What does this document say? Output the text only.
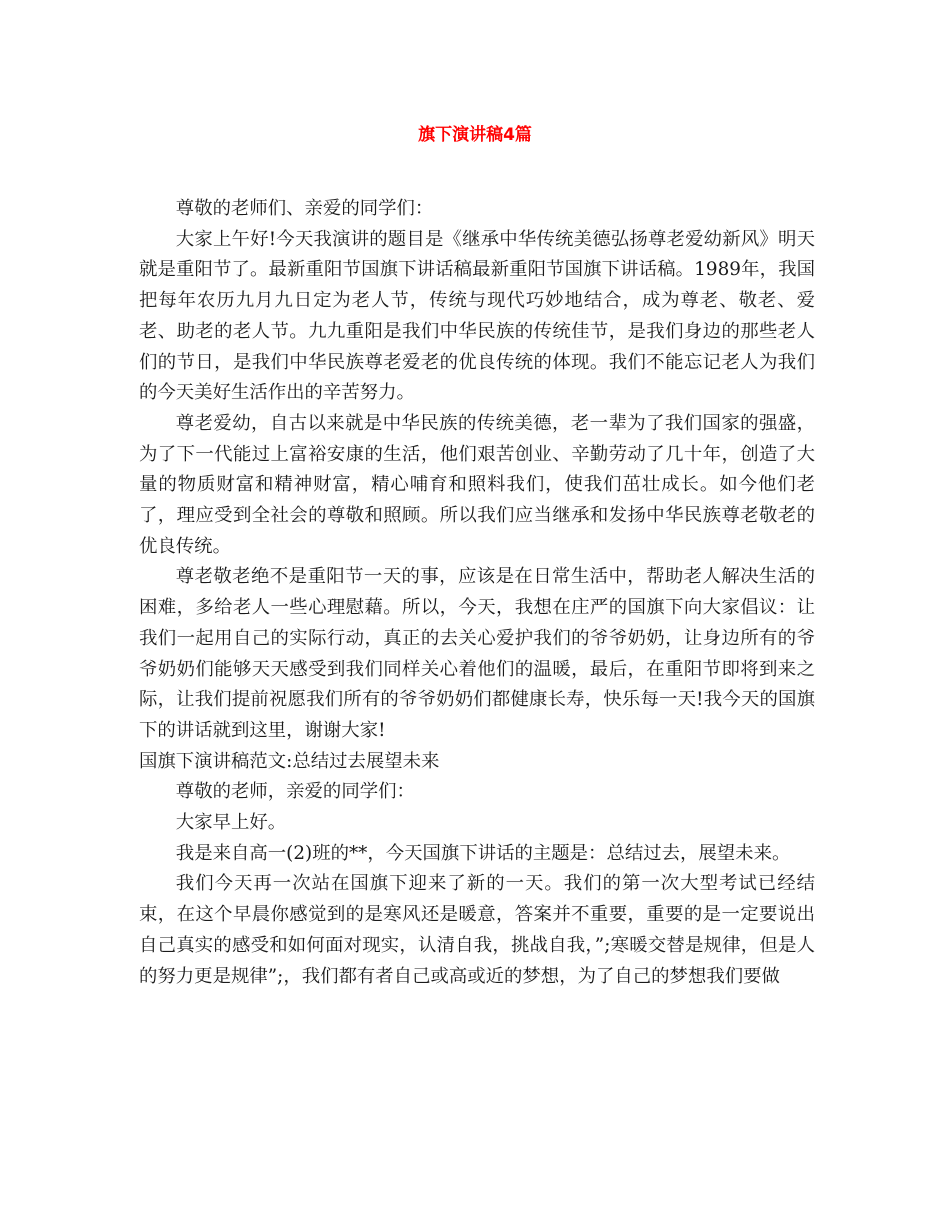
旗下演讲稿4篇

尊敬的老师们、亲爱的同学们：

大家上午好!今天我演讲的题目是《继承中华传统美德弘扬尊老爱幼新风》明天就是重阳节了。最新重阳节国旗下讲话稿最新重阳节国旗下讲话稿。1989年，我国把每年农历九月九日定为老人节，传统与现代巧妙地结合，成为尊老、敬老、爱老、助老的老人节。九九重阳是我们中华民族的传统佳节，是我们身边的那些老人们的节日，是我们中华民族尊老爱老的优良传统的体现。我们不能忘记老人为我们的今天美好生活作出的辛苦努力。

尊老爱幼，自古以来就是中华民族的传统美德，老一辈为了我们国家的强盛，为了下一代能过上富裕安康的生活，他们艰苦创业、辛勤劳动了几十年，创造了大量的物质财富和精神财富，精心哺育和照料我们，使我们茁壮成长。如今他们老了，理应受到全社会的尊敬和照顾。所以我们应当继承和发扬中华民族尊老敬老的优良传统。

尊老敬老绝不是重阳节一天的事，应该是在日常生活中，帮助老人解决生活的困难，多给老人一些心理慰藉。所以，今天，我想在庄严的国旗下向大家倡议：让我们一起用自己的实际行动，真正的去关心爱护我们的爷爷奶奶，让身边所有的爷爷奶奶们能够天天感受到我们同样关心着他们的温暖，最后，在重阳节即将到来之际，让我们提前祝愿我们所有的爷爷奶奶们都健康长寿，快乐每一天!我今天的国旗下的讲话就到这里，谢谢大家!

国旗下演讲稿范文:总结过去展望未来

尊敬的老师，亲爱的同学们：

大家早上好。

我是来自高一(2)班的**，今天国旗下讲话的主题是：总结过去，展望未来。

我们今天再一次站在国旗下迎来了新的一天。我们的第一次大型考试已经结束，在这个早晨你感觉到的是寒风还是暖意，答案并不重要，重要的是一定要说出自己真实的感受和如何面对现实，认清自我，挑战自我，”;寒暖交替是规律，但是人的努力更是规律”;，我们都有者自己或高或近的梦想，为了自己的梦想我们要做
